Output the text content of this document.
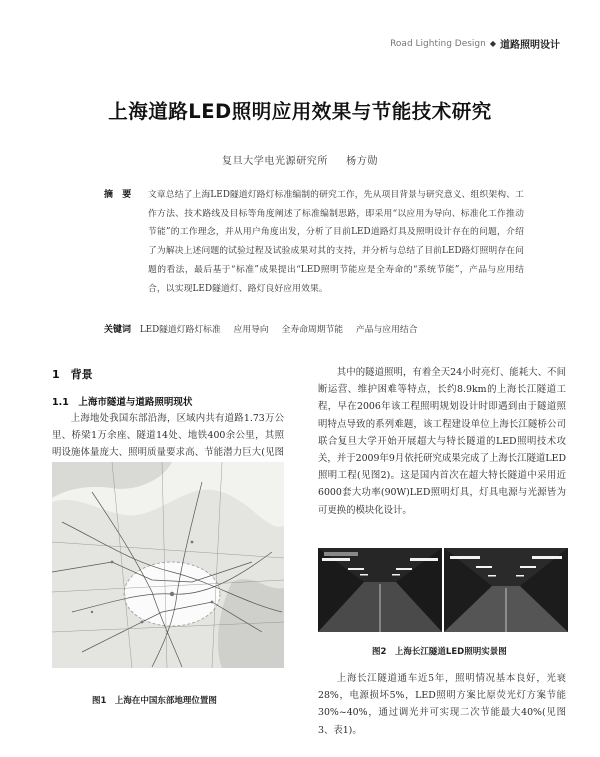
Road Lighting Design ◆ 道路照明设计
上海道路LED照明应用效果与节能技术研究
复旦大学电光源研究所 　 杨方勋
摘　要 文章总结了上海LED隧道灯路灯标准编制的研究工作，先从项目背景与研究意义、组织架构、工作方法、技术路线及目标等角度阐述了标准编制思路，即采用“以应用为导向、标准化工作推动节能”的工作理念，并从用户角度出发，分析了目前LED道路灯具及照明设计存在的问题，介绍了为解决上述问题的试验过程及试验成果对其的支持，并分析与总结了目前LED路灯照明存在问题的看法，最后基于“标准”成果提出“LED照明节能应是全寿命的“系统节能”，产品与应用结合，以实现LED隧道灯、路灯良好应用效果。
关键词 LED隧道灯路灯标准 应用导向 全寿命周期节能 产品与应用结合
1　背景
1.1　上海市隧道与道路照明现状

上海地处我国东部沿海，区域内共有道路1.73万公里、桥梁1万余座、隧道14处、地铁400余公里，其照明设施体量庞大、照明质量要求高、节能潜力巨大(见图

图1　上海在中国东部地理位置图

其中的隧道照明，有着全天24小时亮灯、能耗大、不间断运营、维护困难等特点，长约8.9km的上海长江隧道工程，早在2006年该工程照明规划设计时即遇到由于隧道照明特点导致的系列难题，该工程建设单位上海长江隧桥公司联合复旦大学开始开展超大与特长隧道的LED照明技术攻关，并于2009年9月依托研究成果完成了上海长江隧道LED照明工程(见图2)。这是国内首次在超大特长隧道中采用近6000套大功率(90W)LED照明灯具，灯具电源与光源皆为可更换的模块化设计。

图2　上海长江隧道LED照明实景图

上海长江隧道通车近5年，照明情况基本良好，光衰28%，电源损坏5%，LED照明方案比原荧光灯方案节能30%~40%，通过调光并可实现二次节能最大40%(见图3、表1)。
